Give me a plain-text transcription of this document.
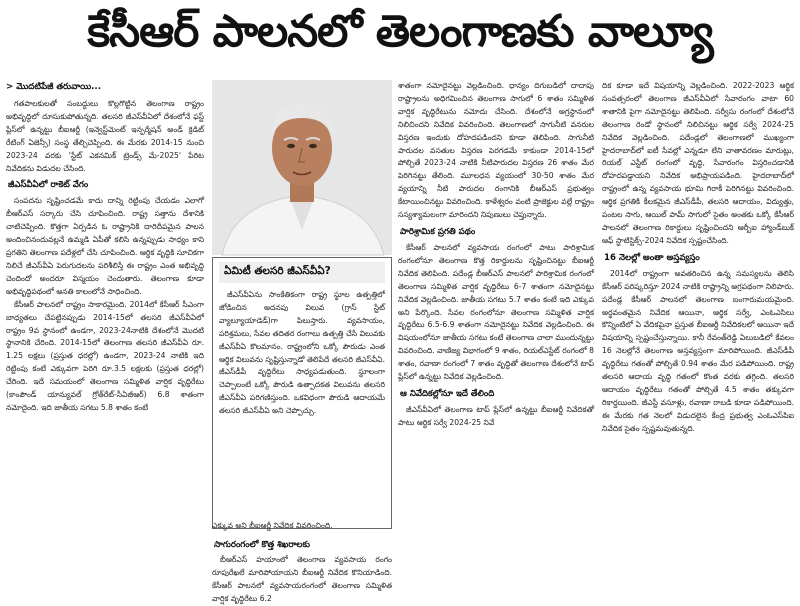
కేసీఆర్ పాలనలో తెలంగాణకు వాల్యూ
> మొదటిపేజీ తరువాయి...

గతపాలకులతో సంబద్ధులు కొల్లగొట్టిన తెలంగాణ రాష్ట్రం అభివృద్ధిలో దూసుకుపోతున్నది. తలసరి జీఎస్‌వీఏలో దేశంలోనే ఫస్ట్ ప్లేస్‌లో ఉన్నట్టు బీఐఆర్డీ (ఇన్వెస్ట్‌మెంట్ ఇన్ఫర్మేషన్ అండ్ క్రెడిట్ రేటింగ్ ఏజెన్సీ) సంస్థ తేల్చిచెప్పింది. ఈ మేరకు 2014-15 నుంచి 2023-24 వరకు 'స్టేట్ ఎకనమిక్ ట్రెండ్స్ మే-2025' పేరిట నివేదికను విడుదల చేసింది.

జీఎస్‌వీఏలో రాకెట్ వేగం

సంపదను సృష్టించడమే కాదు దాన్ని రెట్టింపు చేయడం ఎలాగో బీఆర్‌ఎస్ సర్కారు చేసి చూపించింది. రాష్ట్ర సత్తాను దేశానికి చాటిచెప్పింది. కొత్తగా ఏర్పడిన ఓ రాష్ట్రానికి దారిదీపమైన పాలన అందించినందువల్లనే ఉమ్మడి ఏపీతో కలిసి ఉన్నప్పుడు సాధ్యం కాని ప్రగతిని తెలంగాణ పదేళ్లలో చేసి చూపించింది. ఆర్థిక వృద్ధికి సూచికగా నిలిచే జీఎస్‌వీఏ పెరుగుదలను పరిశీలిస్తే ఈ రాష్ట్రం ఎంత అభివృద్ధి చెందిందో అందరూ విస్మయం చెందుతారు. తెలంగాణ కూడా అభివృద్ధిపథంలో అనతి కాలంలోనే సాధించింది.

కేసీఆర్ పాలనలో రాష్ట్రం సాకారమైంది. 2014లో కేసీఆర్ సీఎంగా బాధ్యతలు చేపట్టినప్పుడు 2014-15లో తలసరి జీఎస్‌వీఏలో రాష్ట్రం 9వ స్థానంలో ఉండగా, 2023-24నాటికి దేశంలోనే మొదటి స్థానానికి చేరింది. 2014-15లో తెలంగాణ తలసరి జీఎస్‌వీఏ రూ. 1.25 లక్షలు (ప్రస్తుత ధరల్లో) ఉండగా, 2023-24 నాటికి ఇది రెట్టింపు కంటే ఎక్కువగా పెరిగి రూ.3.5 లక్షలకు (ప్రస్తుత ధరల్లో) చేరింది. ఇదే సమయంలో తెలంగాణ సమ్మిళిత వార్షిక వృద్ధిరేటు (కాంపౌండ్ యాన్యువల్ గ్రోత్‌రేట్-సీఏజీఆర్) 6.8 శాతంగా నమోదైంది. ఇది జాతీయ సగటు 5.8 శాతం కంటే

ఏమిటీ తలసరి జీఎస్‌వీఏ?

జీఎస్‌వీఏను సాంకేతికంగా రాష్ట్ర స్థూల ఉత్పత్తిలో జోడించిన అదనపు విలువ (గ్రాస్ స్టేట్ వ్యాల్యూయాడెడ్)గా పిలుస్తారు. వ్యవసాయం, పరిశ్రమలు, సేవల తదితర రంగాలు ఉత్పత్తి చేసే విలువకు జీఎస్‌వీఏ కొలమానం. రాష్ట్రంలోని ఒక్కో పౌరుడు ఎంత ఆర్థిక విలువను సృష్టిస్తున్నాడో తెలిపేదే తలసరి జీఎస్‌వీఏ. జీఎస్‌డీపీ వృద్ధిరేటు సాధ్యపడుతుంది. స్థూలంగా చెప్పాలంటే ఒక్కో పౌరుడి ఉత్పాదకత విలువను తలసరి జీఎస్‌వీఏ పరిగణిస్తుంది. ఒకవిధంగా పౌరుడి ఆదాయమే తలసరి జీఎస్‌వీఏ అని చెప్పొచ్చు.

ఎక్కువ అని బీఐఆర్డీ నివేదిక వివరించింది.

శాతంగా నమోదైనట్టు వెల్లడించింది. ధాన్యం దిగుబడిలో దాదాపు రాష్ట్రాలను అధిగమించిన తెలంగాణ సాగులో 6 శాతం సమ్మిళిత వార్షిక వృద్ధిరేటును నమోదు చేసింది. దేశంలోనే అగ్రస్థానంలో నిలిచిందని నివేదిక వివరించింది. తెలంగాణలో సాగునీటి వనరుల విస్తరణ ఇందుకు దోహదపడిందని కూడా తెలిపింది. సాగునీటి పారుదల వసతుల విస్తరణ పెరగడమే కాకుండా 2014-15లో పోల్చితే 2023-24 నాటికి నీటిపారుదల విస్తరణ 26 శాతం మేర పెరిగినట్టు తేలింది. మూలధన వ్యయంలో 30-50 శాతం మేర వ్యయాన్ని నీటి పారుదల రంగానికి బీఆర్‌ఎస్ ప్రభుత్వం కేటాయించినట్టు వివరించింది. కాళేశ్వరం వంటి ప్రాజెక్టుల వల్లే రాష్ట్రం సస్యశ్యామలంగా మారిందని నిపుణులు చెప్తున్నారు.

పారిశ్రామిక ప్రగతి పథం

కేసీఆర్ పాలనలో వ్యవసాయ రంగంలో పాటు పారిశ్రామిక రంగంలోనూ తెలంగాణ కొత్త రికార్డులను సృష్టించినట్టు బీఐఆర్డీ నివేదిక తెలిపింది. పదేండ్ల బీఆర్‌ఎస్ పాలనలో పారిశ్రామిక రంగంలో తెలంగాణ సమ్మిళిత వార్షిక వృద్ధిరేటు 6-7 శాతంగా నమోదైనట్టు నివేదిక వెల్లడించింది. జాతీయ సగటు 5.7 శాతం కంటే ఇది ఎక్కువ అని పేర్కొంది. సేవల రంగంలోనూ తెలంగాణ సమ్మిళిత వార్షిక వృద్ధిరేటు 6.5-6.9 శాతంగా నమోదైనట్టు నివేదిక వెల్లడించింది. ఈ విషయంలోనూ జాతీయ సగటు కంటే తెలంగాణ చాలా ముందున్నట్టు వివరించింది. వాణిజ్య విభాగంలో 9 శాతం, రియల్‌ఎస్టేట్ రంగంలో 8 శాతం, రవాణా రంగంలో 7 శాతం వృద్ధితో తెలంగాణ దేశంలోనే టాప్ ప్లేస్‌లో ఉన్నట్టు నివేదిక వెల్లడించింది.

ఆ నివేదికల్లోనూ ఇదే తేలింది

జీఎస్‌వీఏలో తెలంగాణ టాప్ ప్లేస్‌లో ఉన్నట్టు బీఐఆర్డీ నివేదికతో పాటు ఆర్థిక సర్వే 2024-25 నివే

దిక కూడా ఇదే విషయాన్ని వెల్లడించింది. 2022-2023 ఆర్థిక సంవత్సరంలో తెలంగాణ జీఎస్‌వీఏలో సేవారంగం వాటా 60 శాతానికి పైగా నమోదైనట్టు తెలిపింది. సర్వీసు రంగంలో దేశంలోనే తెలంగాణ రెండో స్థానంలో నిలిచినట్టు ఆర్థిక సర్వే 2024-25 నివేదిక వెల్లడించింది. పదేండ్లలో తెలంగాణలో ముఖ్యంగా హైదరాబాద్‌లో ఐటీ సేవల్లో ఎన్నడూ లేని వాతావరణం మారుట్లు, రియల్ ఎస్టేట్ రంగంలో వృద్ధి, సేవారంగం విస్తరించడానికి దోహదపడ్డాయని నివేదిక అభిప్రాయపడింది. హైదరాబాద్‌లో రాష్ట్రంలో ఉన్న వ్యవసాయ భూమి గిరాకీ పెరిగినట్టు వివరించింది. ఆర్థిక ప్రగతికి కీలకమైన జీఎస్‌డీపీ, తలసరి ఆదాయం, విద్యుత్తు, పంటల సాగు, ఆయిల్ పామ్ సాగులో సైతం అంతకు ఒక్కో కేసీఆర్ పాలనలో తెలంగాణ రికార్డులు సృష్టించిందని ఆర్బీఐ హ్యాండ్‌బుక్ ఆఫ్ స్టాటిస్టిక్స్-2024 నివేదిక స్పష్టంచేసింది.

16 నెలల్లో అంతా అస్తవ్యస్తం

2014లో రాష్ట్రంగా అవతరించిన ఉన్న సమస్యలను తెలిసి కేసీఆర్ పరిష్కరిస్తూ 2024 నాటికి రాష్ట్రాన్ని అగ్రపథంగా నిలిపారు. పదేండ్ల కేసీఆర్ పాలనలో తెలంగాణ బంగారుమయమైంది. అర్థవంతమైన నివేదిక ఆయినా, ఆర్థిక సర్వే, ఎంఓఎసిలు కొన్నింటిలో ఏ వేదికపైనా ప్రస్తుత బీఐఆర్డీ నివేదికలలో ఆయినా ఇదే విషయాన్ని స్పష్టంచేస్తున్నాయి. కానీ రేవంత్‌రెడ్డి ఏలుబడిలో కేవలం 16 నెలల్లోనే తెలంగాణ అస్తవ్యస్తంగా మారిపోయింది. జీఎస్‌డీపీ వృద్ధిరేటు గతంతో పోల్చితే 0.94 శాతం మేర పడిపోయింది. రాష్ట్ర తలసరి ఆదాయ వృద్ధి గతంలో కొంత వరకు తగ్గింది. తలసరి ఆదాయం వృద్ధిరేటు గతంతో పోల్చితే 4.5 శాతం తక్కువగా రికార్డయింది. జీఎస్టీ వసూళ్లు, రవాణా రాబడి కూడా పడిపోయింది. ఈ మేరకు గత నెలలో విడుదలైన కేంద్ర ప్రభుత్వ ఎంఓఎస్‌పిఐ నివేదిక సైతం స్పష్టమవుతున్నది.

సాగురంగంలో కొత్త శిఖరాలకు

బీఆర్‌ఎస్ హయాంలో తెలంగాణ వ్యవసాయ రంగం రూపురేఖలే మారిపోయాయని బీఐఆర్డీ నివేదిక కొనియాడింది. కేసీఆర్ పాలనలో వ్యవసాయరంగంలో తెలంగాణ సమ్మిళిత వార్షిక వృద్ధిరేటు 6.2
